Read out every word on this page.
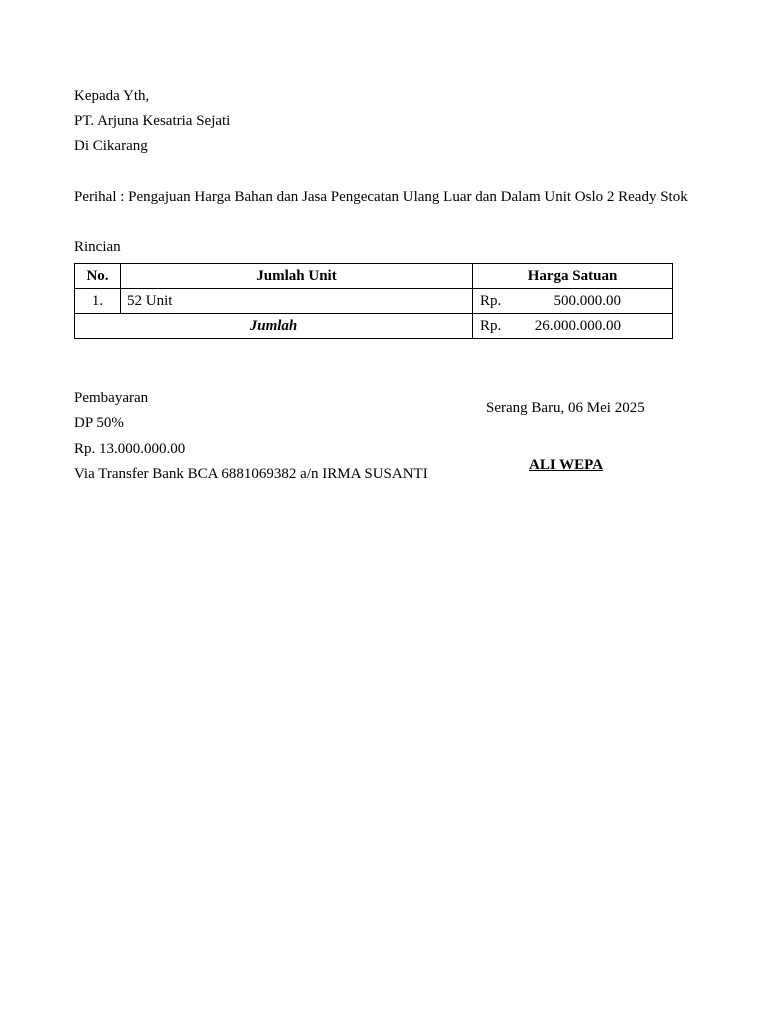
Kepada Yth,
PT. Arjuna Kesatria Sejati
Di Cikarang
Perihal : Pengajuan Harga Bahan dan Jasa Pengecatan Ulang Luar dan Dalam Unit Oslo 2 Ready Stok
Rincian
No.	Jumlah Unit	Harga Satuan
1.	52 Unit	Rp. 500.000.00

Jumlah		Rp. 26.000.000.00
Pembayaran
DP 50%
Rp. 13.000.000.00
Via Transfer Bank BCA 6881069382 a/n IRMA SUSANTI
Serang Baru, 06 Mei 2025
ALI WEPA
